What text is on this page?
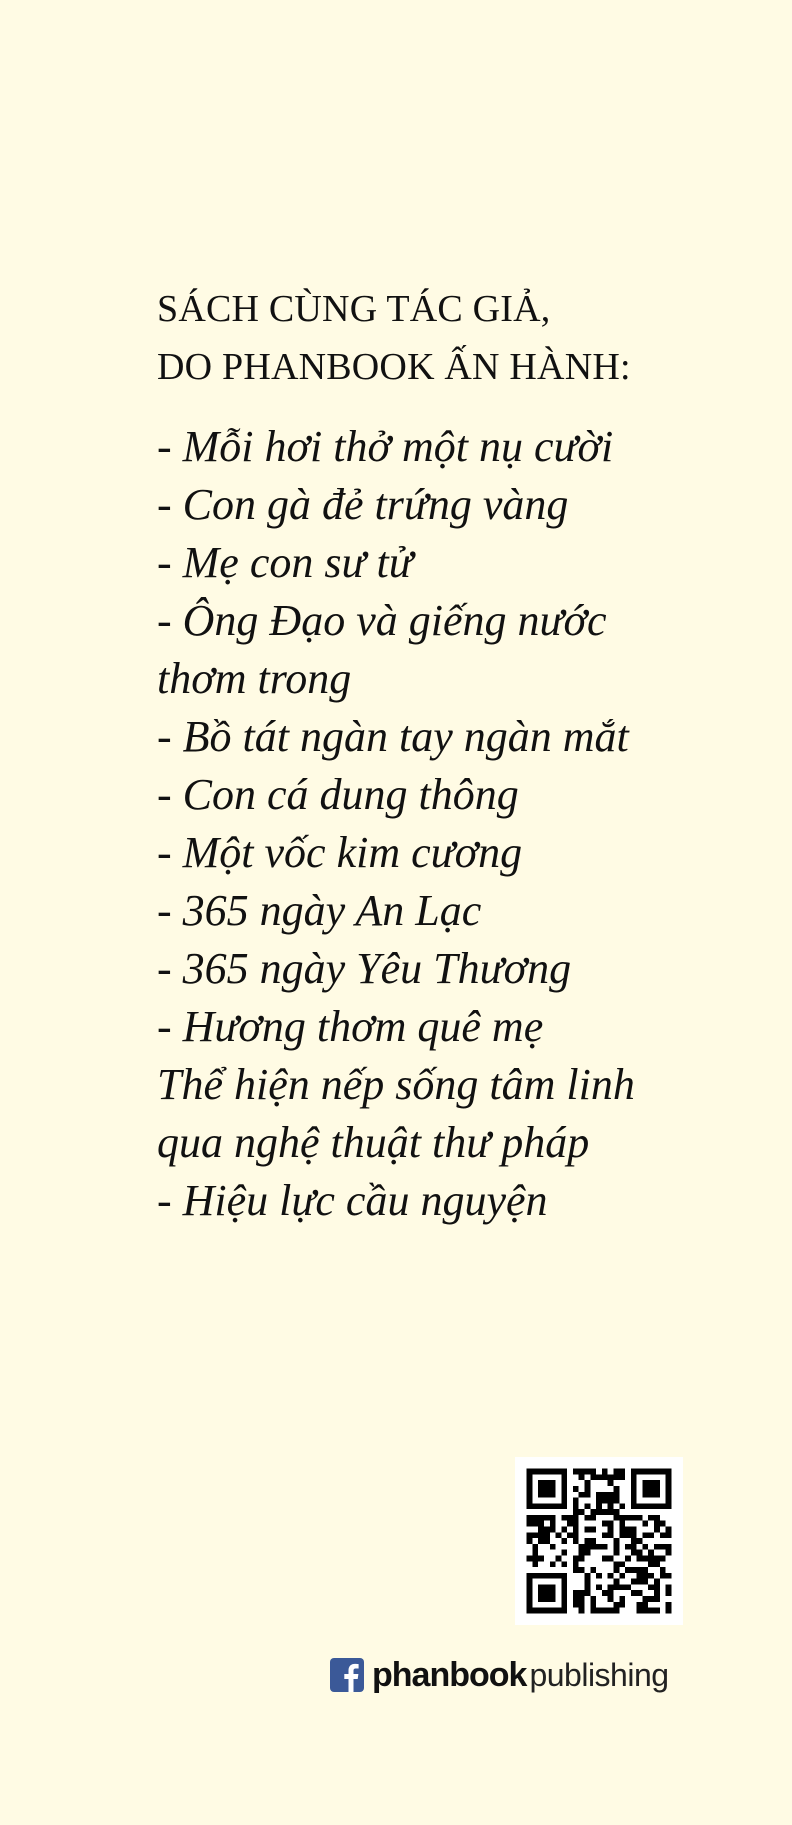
SÁCH CÙNG TÁC GIẢ,
DO PHANBOOK ẤN HÀNH:
- Mỗi hơi thở một nụ cười
- Con gà đẻ trứng vàng
- Mẹ con sư tử
- Ông Đạo và giếng nước
thơm trong
- Bồ tát ngàn tay ngàn mắt
- Con cá dung thông
- Một vốc kim cương
- 365 ngày An Lạc
- 365 ngày Yêu Thương
- Hương thơm quê mẹ
Thể hiện nếp sống tâm linh
qua nghệ thuật thư pháp
- Hiệu lực cầu nguyện
phanbook publishing
